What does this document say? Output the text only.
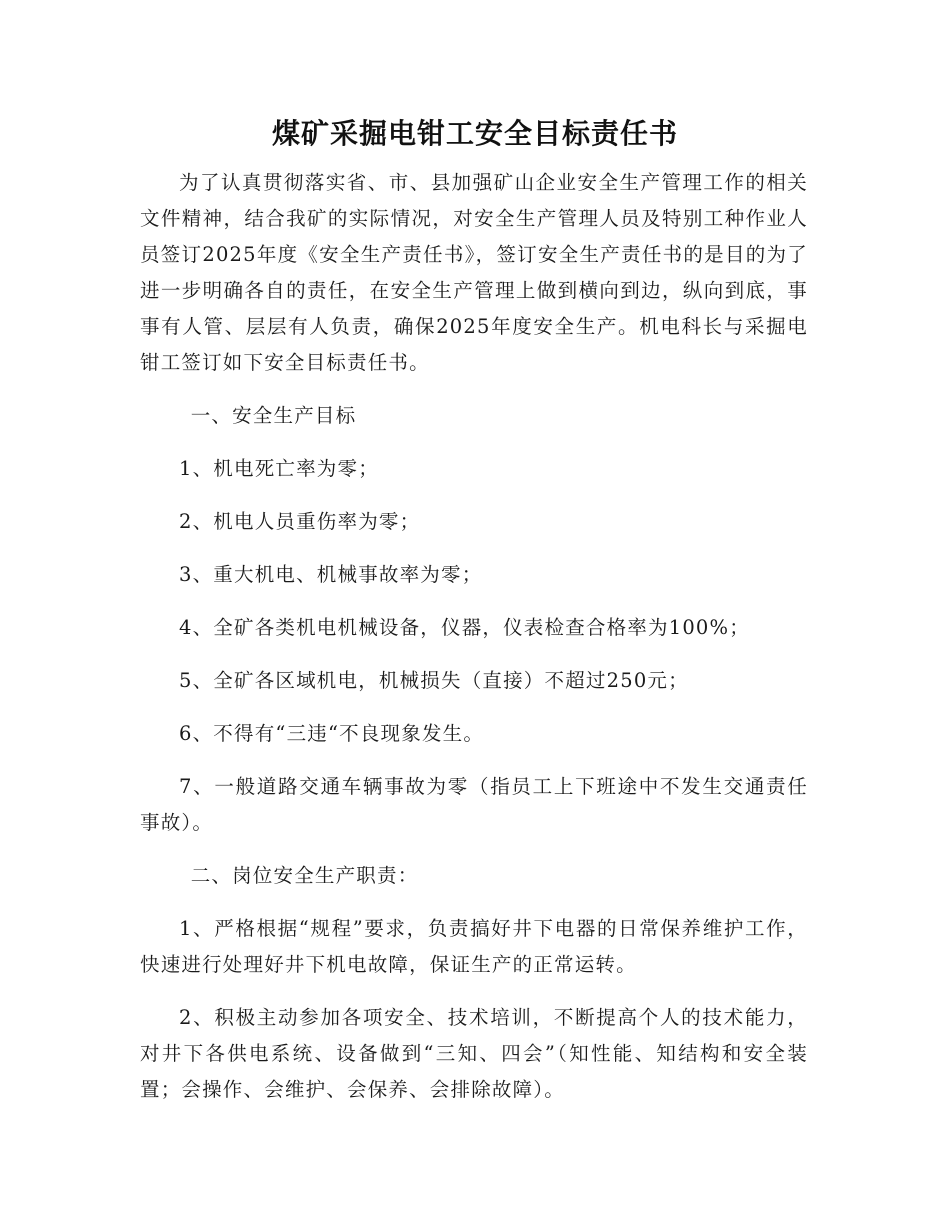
煤矿采掘电钳工安全目标责任书

为了认真贯彻落实省、市、县加强矿山企业安全生产管理工作的相关文件精神，结合我矿的实际情况，对安全生产管理人员及特别工种作业人员签订2025年度《安全生产责任书》，签订安全生产责任书的是目的为了进一步明确各自的责任，在安全生产管理上做到横向到边，纵向到底，事事有人管、层层有人负责，确保2025年度安全生产。机电科长与采掘电钳工签订如下安全目标责任书。

一、安全生产目标

1、机电死亡率为零；

2、机电人员重伤率为零；

3、重大机电、机械事故率为零；

4、全矿各类机电机械设备，仪器，仪表检查合格率为100%；

5、全矿各区域机电，机械损失（直接）不超过250元；

6、不得有“三违“不良现象发生。

7、一般道路交通车辆事故为零（指员工上下班途中不发生交通责任事故）。

二、岗位安全生产职责：

1、严格根据“规程”要求，负责搞好井下电器的日常保养维护工作，快速进行处理好井下机电故障，保证生产的正常运转。

2、积极主动参加各项安全、技术培训，不断提高个人的技术能力，对井下各供电系统、设备做到“三知、四会”（知性能、知结构和安全装置；会操作、会维护、会保养、会排除故障）。
